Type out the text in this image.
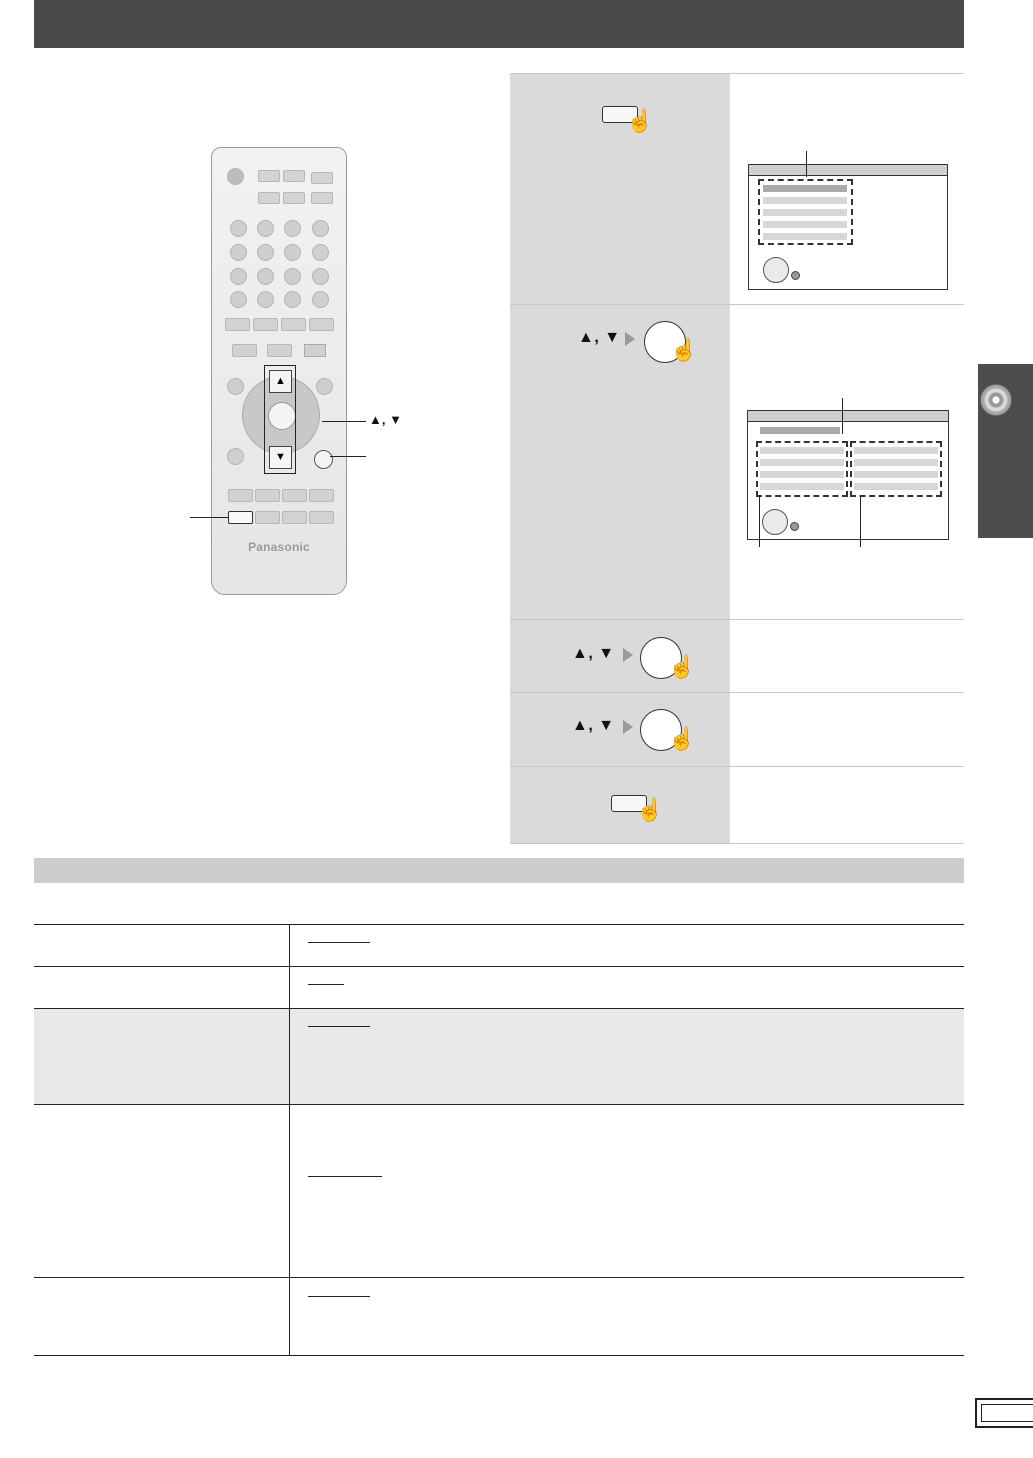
▲
▼
Panasonic
▲, ▼
☝
▲, ▼ ☝
▲, ▼
☝
▲, ▼
☝
☝
